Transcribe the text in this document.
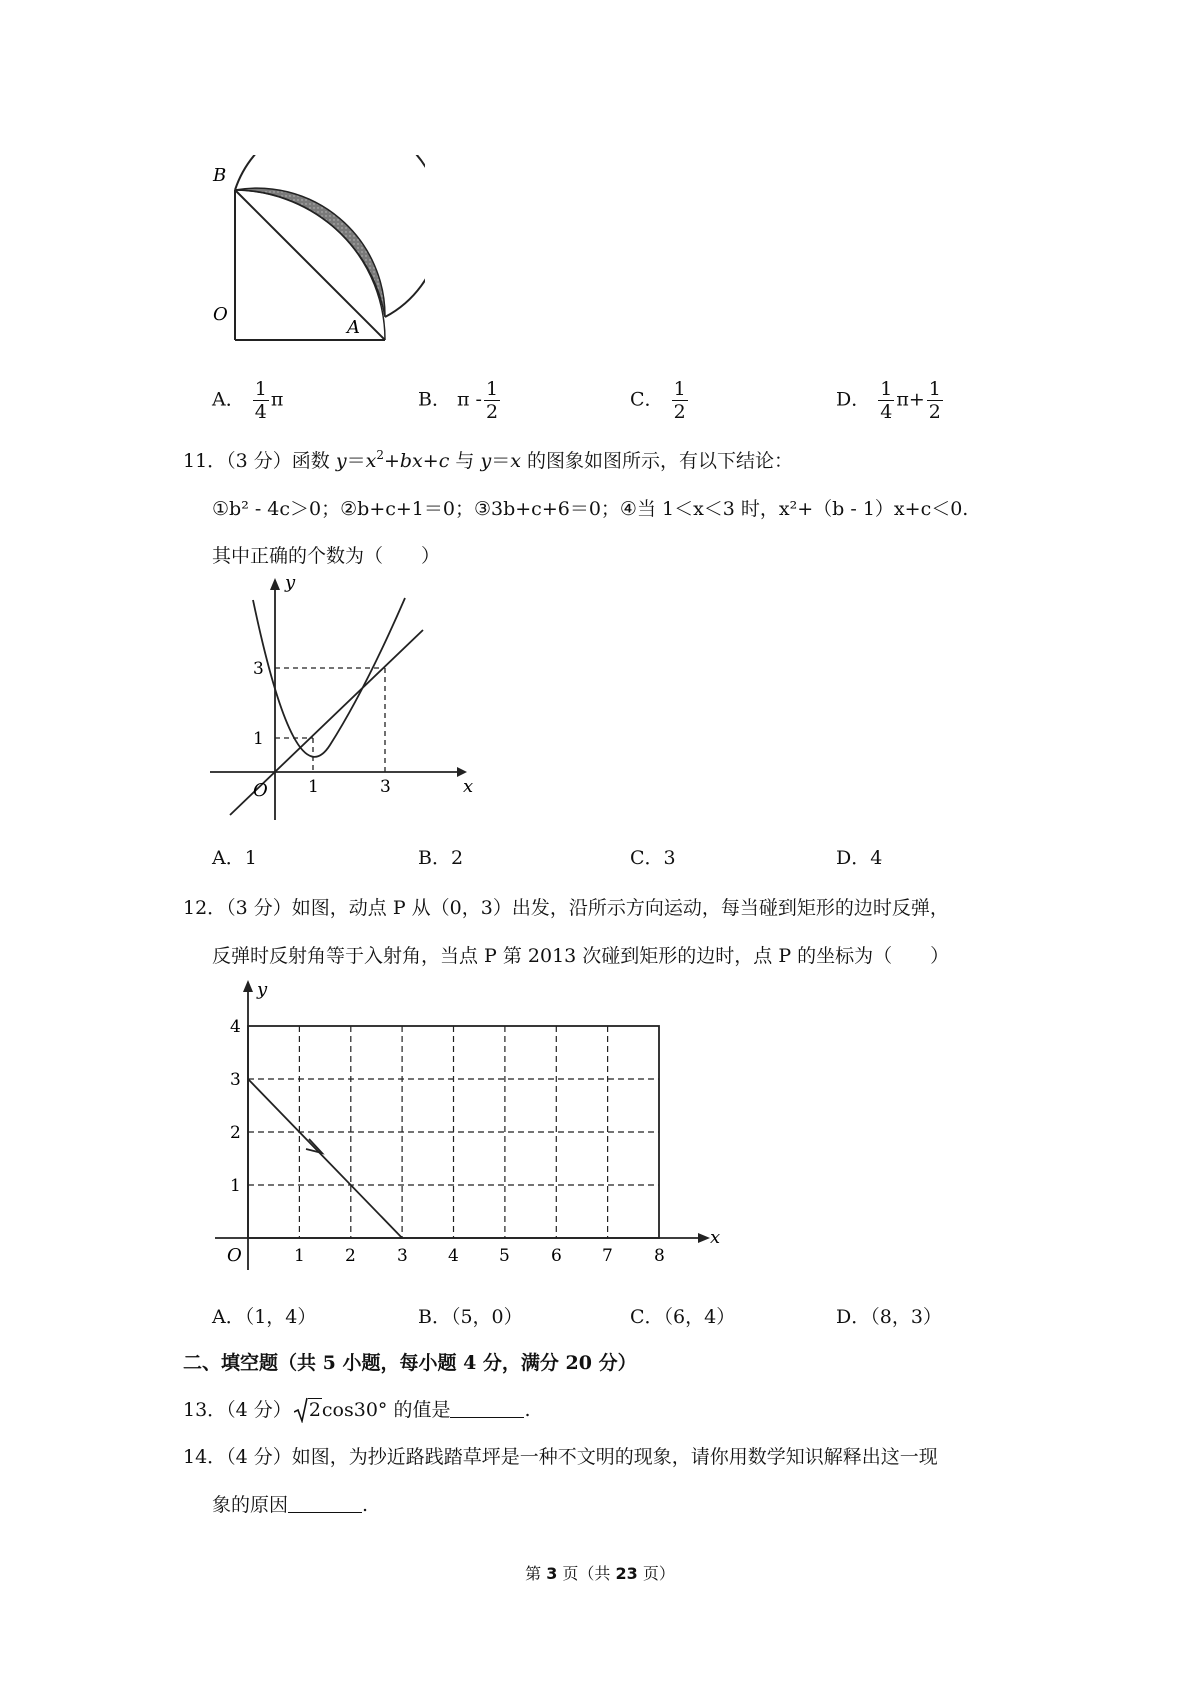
B
O
A
A． $\frac{1}{4}$ π	B． π - $\frac{1}{2}$	C． $\frac{1}{2}$	D． $\frac{1}{4} \pi+ \frac{1}{2}$
11．（3 分）函数 $y=x^2+bx+c$ 与 y＝x 的图象如图所示，有以下结论：
①b² - 4c＞0；②b+c+1＝0；③3b+c+6＝0；④当 1＜x＜3 时，x²+（b - 1）x+c＜0.
其中正确的个数为（　　）
y
x
O
3
1
1	3
A．1	B．2	C．3	D．4
12．（3 分）如图，动点 P 从（0，3）出发，沿所示方向运动，每当碰到矩形的边时反弹，
反弹时反射角等于入射角，当点 P 第 2013 次碰到矩形的边时，点 P 的坐标为（　　）
y
x
O
4
3
2
1
1 2 3 4 5 6 7 8
A．（1，4）	B．（5，0）	C．（6，4）	D．（8，3）
二、填空题（共 5 小题，每小题 4 分，满分 20 分）
13．（4 分） 2cos30° 的值是	.
14．（4 分）如图，为抄近路践踏草坪是一种不文明的现象，请你用数学知识解释出这一现
象的原因	.
第 3 页（共 23 页）
